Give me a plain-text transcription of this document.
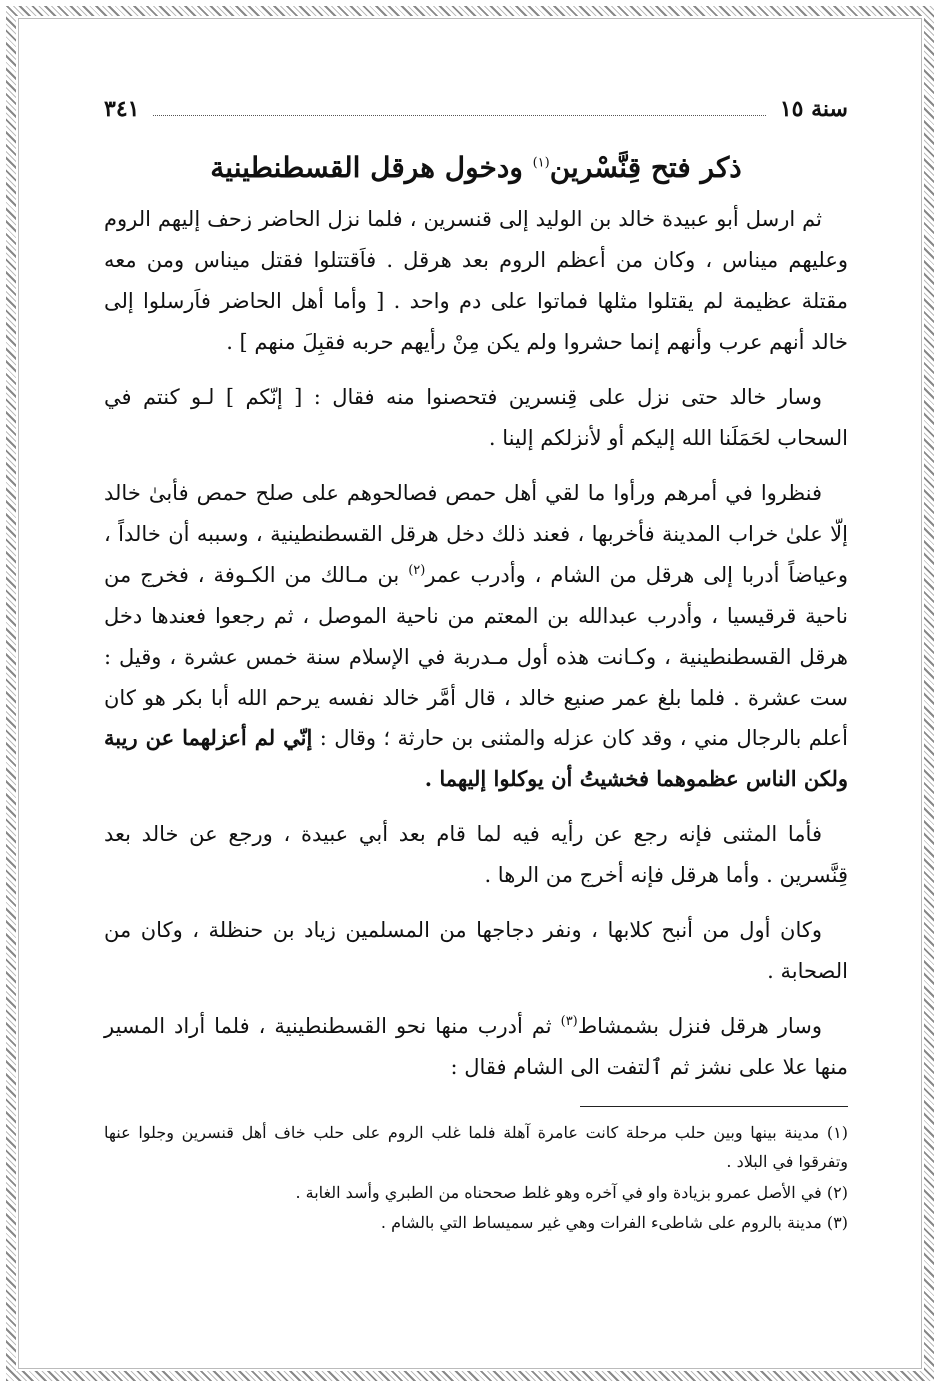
سنة ١٥
٣٤١
ذكر فتح قِنَّسْرين$^{(١)}$ ودخول هرقل القسطنطينية

ثم ارسل أبو عبيدة خالد بن الوليد إلى قنسرين ، فلما نزل الحاضر زحف إليهم الروم وعليهم ميناس ، وكان من أعظم الروم بعد هرقل . فاَقتتلوا فقتل ميناس ومن معه مقتلة عظيمة لم يقتلوا مثلها فماتوا على دم واحد . [ وأما أهل الحاضر فاَرسلوا إلى خالد أنهم عرب وأنهم إنما حشروا ولم يكن مِنْ رأيهم حربه فقبِلَ منهم ] .

وسار خالد حتى نزل على قِنسرين فتحصنوا منه فقال : [ إنّكم ] لـو كنتم في السحاب لحَمَلَنا الله إليكم أو لأنزلكم إلينا .

فنظروا في أمرهم ورأوا ما لقي أهل حمص فصالحوهم على صلح حمص فأبىٰ خالد إلّا علىٰ خراب المدينة فأخربها ، فعند ذلك دخل هرقل القسطنطينية ، وسببه أن خالداً ، وعياضاً أدربا إلى هرقل من الشام ، وأدرب عمر$^{(٢)}$ بن مـالك من الكـوفة ، فخرج من ناحية قرقيسيا ، وأدرب عبدالله بن المعتم من ناحية الموصل ، ثم رجعوا فعندها دخل هرقل القسطنطينية ، وكـانت هذه أول مـدربة في الإسلام سنة خمس عشرة ، وقيل : ست عشرة . فلما بلغ عمر صنيع خالد ، قال أمَّر خالد نفسه يرحم الله أبا بكر هو كان أعلم بالرجال مني ، وقد كان عزله والمثنى بن حارثة ؛ وقال : إنّي لم أعزلهما عن ريبة ولكن الناس عظموهما فخشيتُ أن يوكلوا إليهما .

فأما المثنى فإنه رجع عن رأيه فيه لما قام بعد أبي عبيدة ، ورجع عن خالد بعد قِنَّسرين . وأما هرقل فإنه أخرج من الرها .

وكان أول من أنبح كلابها ، ونفر دجاجها من المسلمين زياد بن حنظلة ، وكان من الصحابة .

وسار هرقل فنزل بشمشاط$^{(٣)}$ ثم أدرب منها نحو القسطنطينية ، فلما أراد المسير منها علا على نشز ثم ٱلتفت الى الشام فقال :

(١) مدينة بينها وبين حلب مرحلة كانت عامرة آهلة فلما غلب الروم على حلب خاف أهل قنسرين وجلوا عنها وتفرقوا في البلاد .

(٢) في الأصل عمرو بزيادة واو في آخره وهو غلط صححناه من الطبري وأسد الغابة .

(٣) مدينة بالروم على شاطىء الفرات وهي غير سميساط التي بالشام .
